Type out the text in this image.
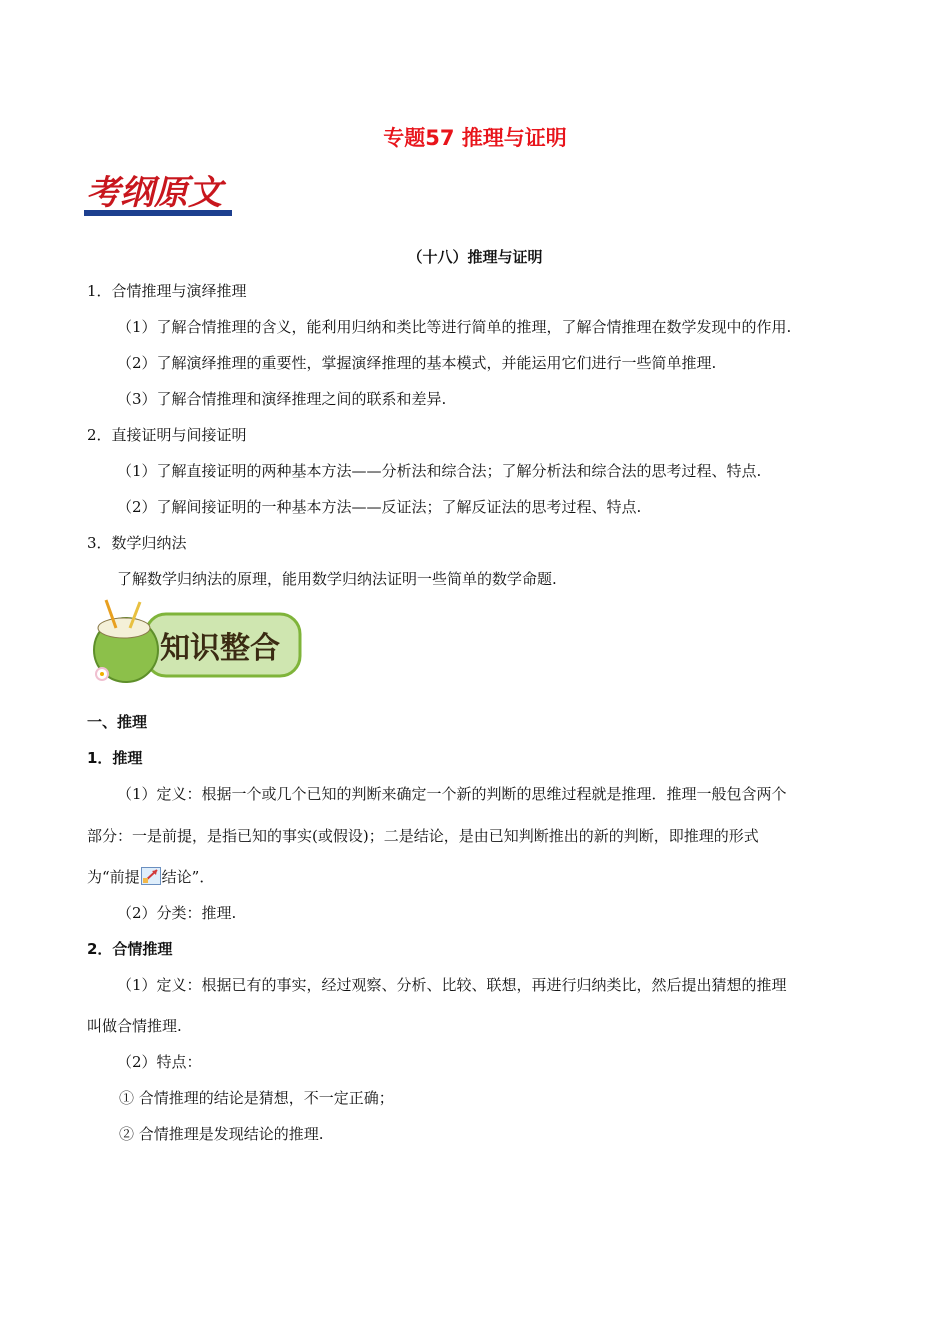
专题57 推理与证明
考纲原文
（十八）推理与证明
1．合情推理与演绎推理
（1）了解合情推理的含义，能利用归纳和类比等进行简单的推理，了解合情推理在数学发现中的作用.
（2）了解演绎推理的重要性，掌握演绎推理的基本模式，并能运用它们进行一些简单推理.
（3）了解合情推理和演绎推理之间的联系和差异.
2．直接证明与间接证明
（1）了解直接证明的两种基本方法——分析法和综合法；了解分析法和综合法的思考过程、特点.
（2）了解间接证明的一种基本方法——反证法；了解反证法的思考过程、特点.
3．数学归纳法
了解数学归纳法的原理，能用数学归纳法证明一些简单的数学命题.
知识整合
一、推理
1．推理
（1）定义：根据一个或几个已知的判断来确定一个新的判断的思维过程就是推理．推理一般包含两个
部分：一是前提，是指已知的事实(或假设)；二是结论，是由已知判断推出的新的判断，即推理的形式
为“前提 结论”．
（2）分类：推理.
2．合情推理
（1）定义：根据已有的事实，经过观察、分析、比较、联想，再进行归纳类比，然后提出猜想的推理
叫做合情推理.
（2）特点：
① 合情推理的结论是猜想，不一定正确；
② 合情推理是发现结论的推理.
